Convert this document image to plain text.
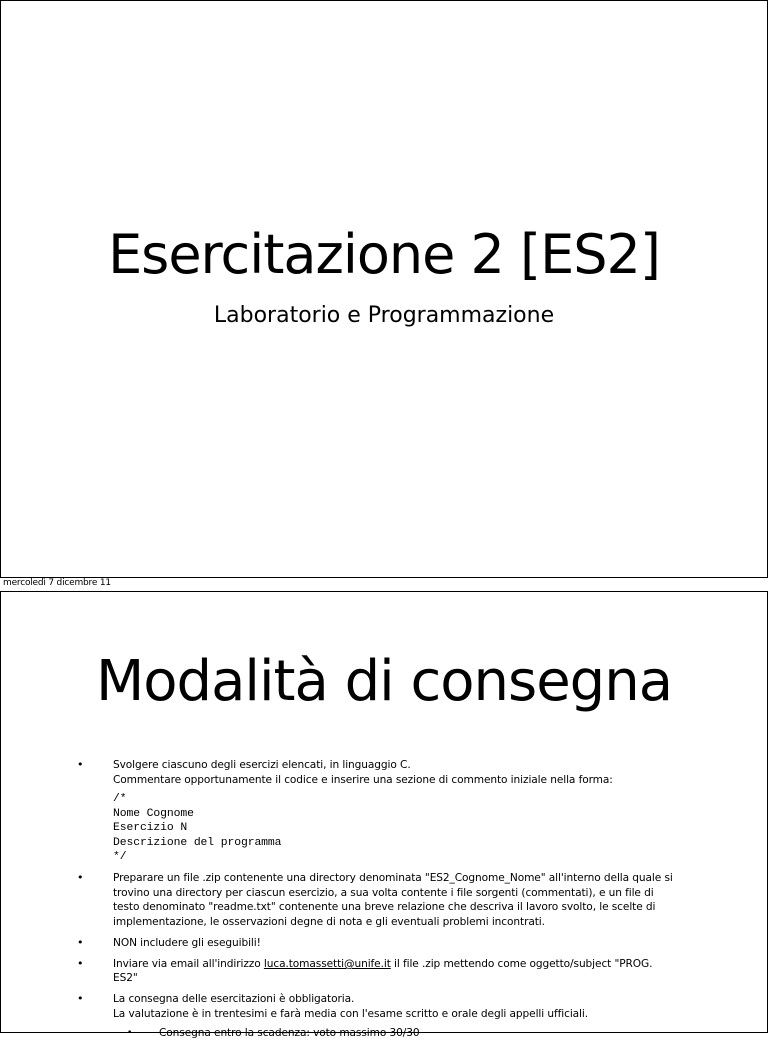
Esercitazione 2 [ES2]
Laboratorio e Programmazione
mercoledì 7 dicembre 11
Modalità di consegna
•	Svolgere ciascuno degli esercizi elencati, in linguaggio C.
Commentare opportunamente il codice e inserire una sezione di commento iniziale nella forma:
/*
Nome Cognome
Esercizio N
Descrizione del programma
*/
•	Preparare un file .zip contenente una directory denominata "ES2_Cognome_Nome" all'interno della quale si trovino una directory per ciascun esercizio, a sua volta contente i file sorgenti (commentati), e un file di testo denominato "readme.txt" contenente una breve relazione che descriva il lavoro svolto, le scelte di implementazione, le osservazioni degne di nota e gli eventuali problemi incontrati.
•	NON includere gli eseguibili!
•	Inviare via email all'indirizzo luca.tomassetti@unife.it il file .zip mettendo come oggetto/subject "PROG. ES2"
•	La consegna delle esercitazioni è obbligatoria.
La valutazione è in trentesimi e farà media con l'esame scritto e orale degli appelli ufficiali.
•	Consegna entro la scadenza: voto massimo 30/30
